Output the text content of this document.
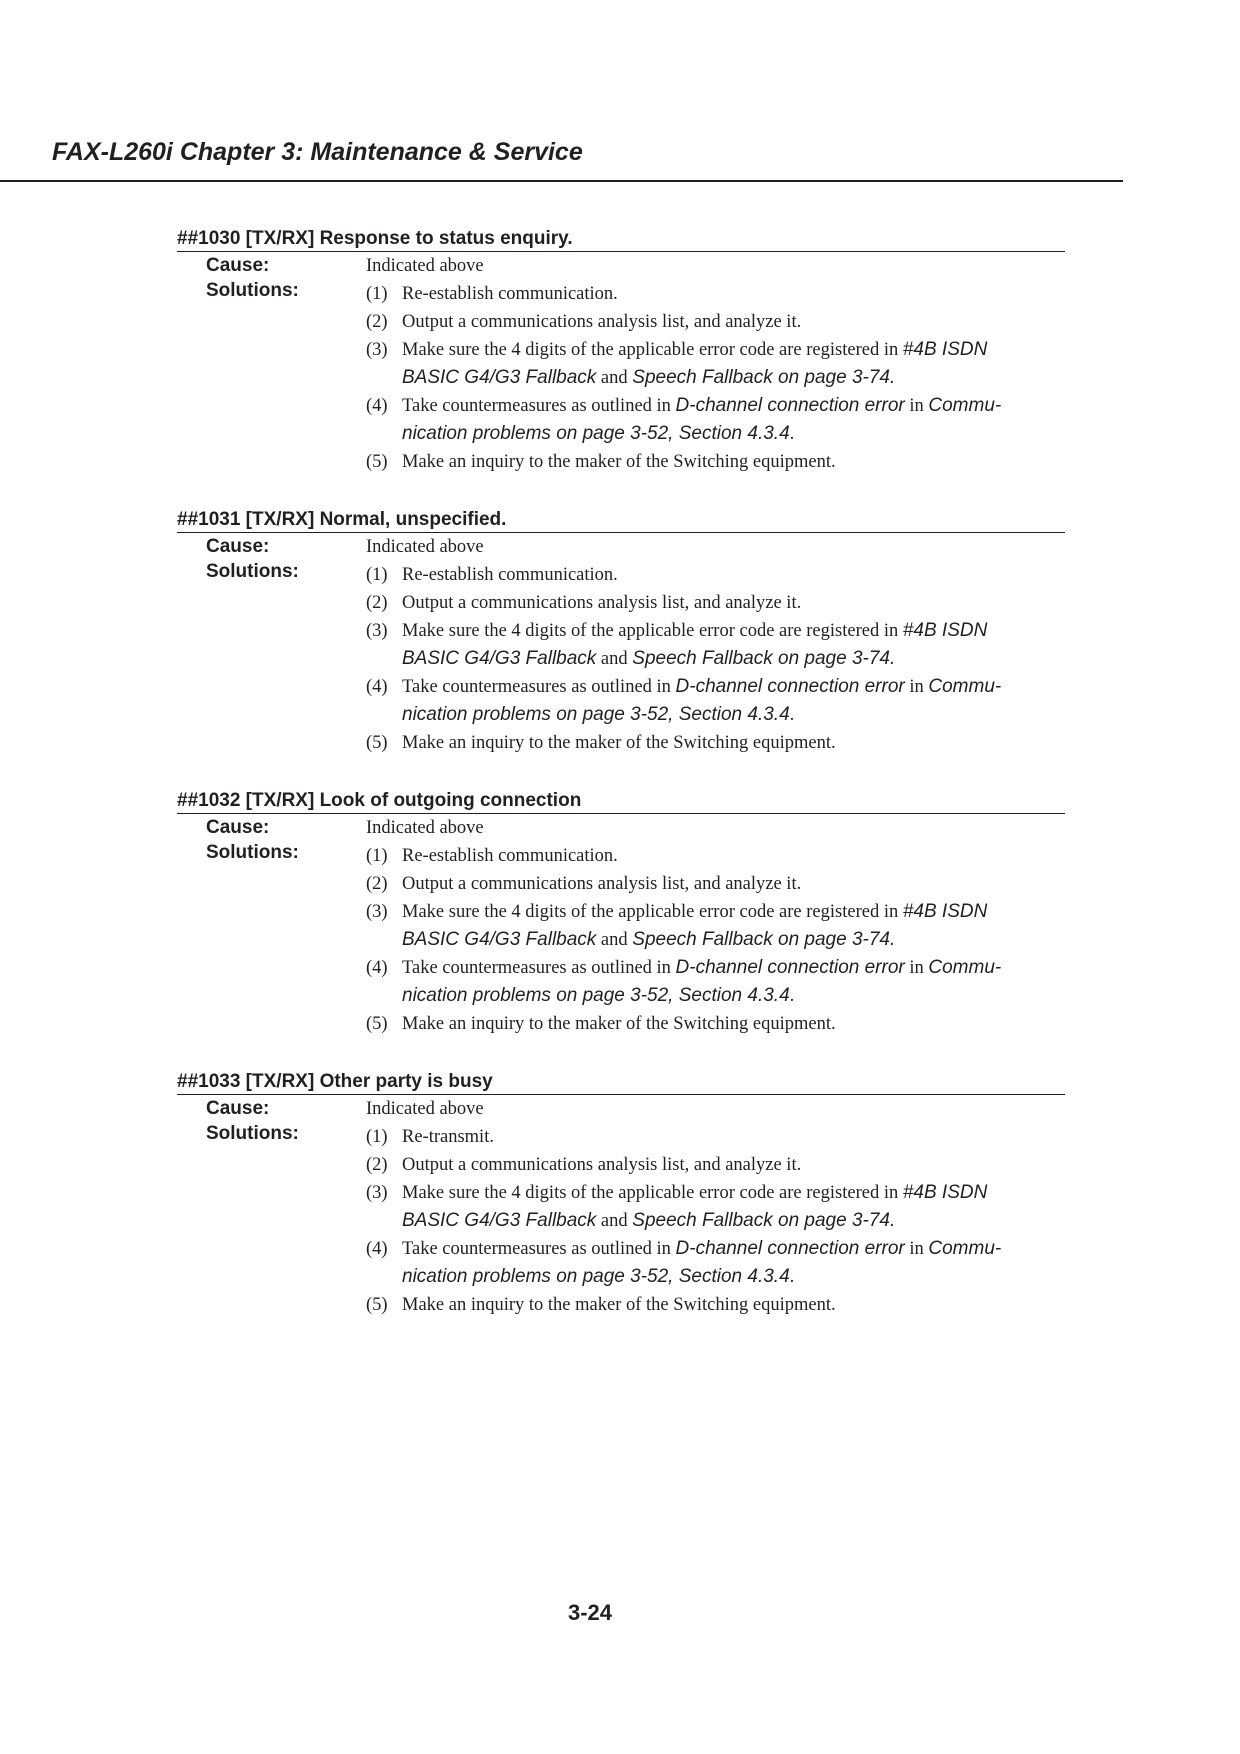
FAX-L260i Chapter 3: Maintenance & Service
##1030 [TX/RX] Response to status enquiry.
Cause:	Indicated above
Solutions:	(1) Re-establish communication.
(2) Output a communications analysis list, and analyze it.
(3) Make sure the 4 digits of the applicable error code are registered in #4B ISDN
BASIC G4/G3 Fallback and Speech Fallback on page 3-74.
(4) Take countermeasures as outlined in D-channel connection error in Commu-
nication problems on page 3-52, Section 4.3.4.
(5) Make an inquiry to the maker of the Switching equipment.
##1031 [TX/RX] Normal, unspecified.
Cause:	Indicated above
Solutions:	(1) Re-establish communication.
(2) Output a communications analysis list, and analyze it.
(3) Make sure the 4 digits of the applicable error code are registered in #4B ISDN
BASIC G4/G3 Fallback and Speech Fallback on page 3-74.
(4) Take countermeasures as outlined in D-channel connection error in Commu-
nication problems on page 3-52, Section 4.3.4.
(5) Make an inquiry to the maker of the Switching equipment.
##1032 [TX/RX] Look of outgoing connection
Cause:	Indicated above
Solutions:	(1) Re-establish communication.
(2) Output a communications analysis list, and analyze it.
(3) Make sure the 4 digits of the applicable error code are registered in #4B ISDN
BASIC G4/G3 Fallback and Speech Fallback on page 3-74.
(4) Take countermeasures as outlined in D-channel connection error in Commu-
nication problems on page 3-52, Section 4.3.4.
(5) Make an inquiry to the maker of the Switching equipment.
##1033 [TX/RX] Other party is busy
Cause:	Indicated above
Solutions:	(1) Re-transmit.
(2) Output a communications analysis list, and analyze it.
(3) Make sure the 4 digits of the applicable error code are registered in #4B ISDN
BASIC G4/G3 Fallback and Speech Fallback on page 3-74.
(4) Take countermeasures as outlined in D-channel connection error in Commu-
nication problems on page 3-52, Section 4.3.4.
(5) Make an inquiry to the maker of the Switching equipment.
3-24
